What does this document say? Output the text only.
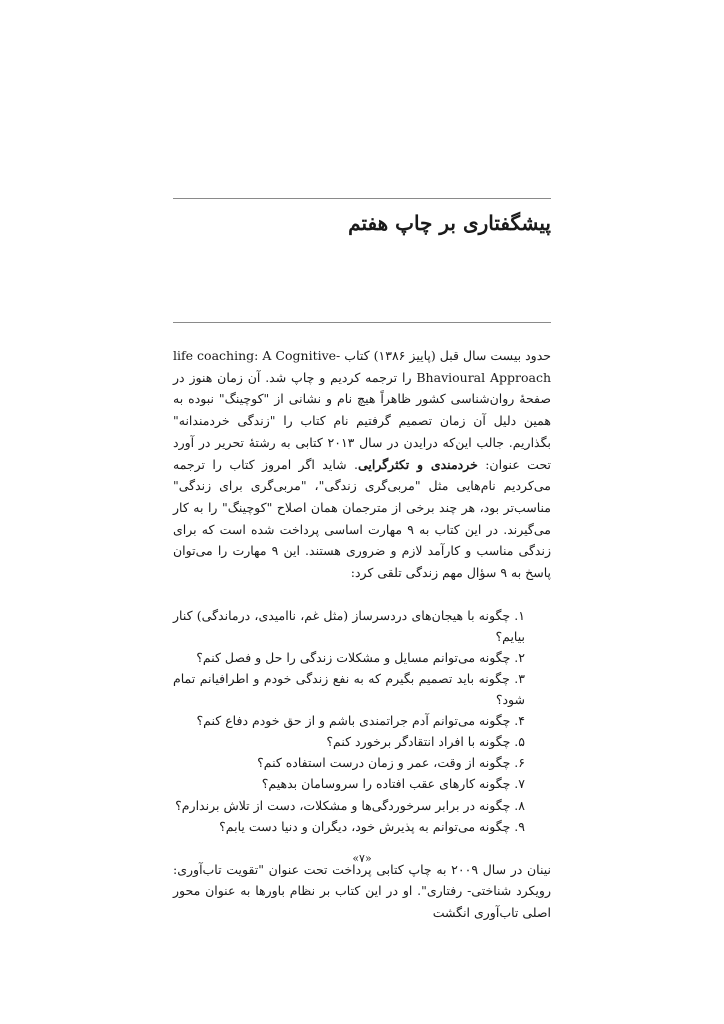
پیشگفتاری بر چاپ هفتم

حدود بیست سال قبل (پاییز ۱۳۸۶) کتاب life coaching: A Cognitive-Bhavioural Approach را ترجمه کردیم و چاپ شد. آن زمان هنوز در صفحهٔ روان‌شناسی کشور ظاهراً هیچ نام و نشانی از "کوچینگ" نبوده به همین دلیل آن زمان تصمیم گرفتیم نام کتاب را "زندگی خردمندانه" بگذاریم. جالب این‌که درایدن در سال ۲۰۱۳ کتابی به رشتهٔ تحریر در آورد تحت عنوان: خردمندی و تکثرگرایی. شاید اگر امروز کتاب را ترجمه می‌کردیم نام‌هایی مثل "مربی‌گری زندگی"، "مربی‌گری برای زندگی" مناسب‌تر بود، هر چند برخی از مترجمان همان اصلاح "کوچینگ" را به کار می‌گیرند. در این کتاب به ۹ مهارت اساسی پرداخت شده است که برای زندگی مناسب و کارآمد لازم و ضروری هستند. این ۹ مهارت را می‌توان پاسخ به ۹ سؤال مهم زندگی تلقی کرد:

۱. چگونه با هیجان‌های دردسرساز (مثل غم، ناامیدی، درماندگی) کنار بیایم؟
۲. چگونه می‌توانم مسایل و مشکلات زندگی را حل و فصل کنم؟
۳. چگونه باید تصمیم بگیرم که به نفع زندگی خودم و اطرافیانم تمام شود؟
۴. چگونه می‌توانم آدم جراتمندی باشم و از حق خودم دفاع کنم؟
۵. چگونه با افراد انتقادگر برخورد کنم؟
۶. چگونه از وقت، عمر و زمان درست استفاده کنم؟
۷. چگونه کارهای عقب افتاده را سروسامان بدهیم؟
۸. چگونه در برابر سرخوردگی‌ها و مشکلات، دست از تلاش برندارم؟
۹. چگونه می‌توانم به پذیرش خود، دیگران و دنیا دست یابم؟

نینان در سال ۲۰۰۹ به چاپ کتابی پرداخت تحت عنوان "تقویت تاب‌آوری: رویکرد شناختی- رفتاری". او در این کتاب بر نظام باورها به عنوان محور اصلی تاب‌آوری انگشت

«۷»
